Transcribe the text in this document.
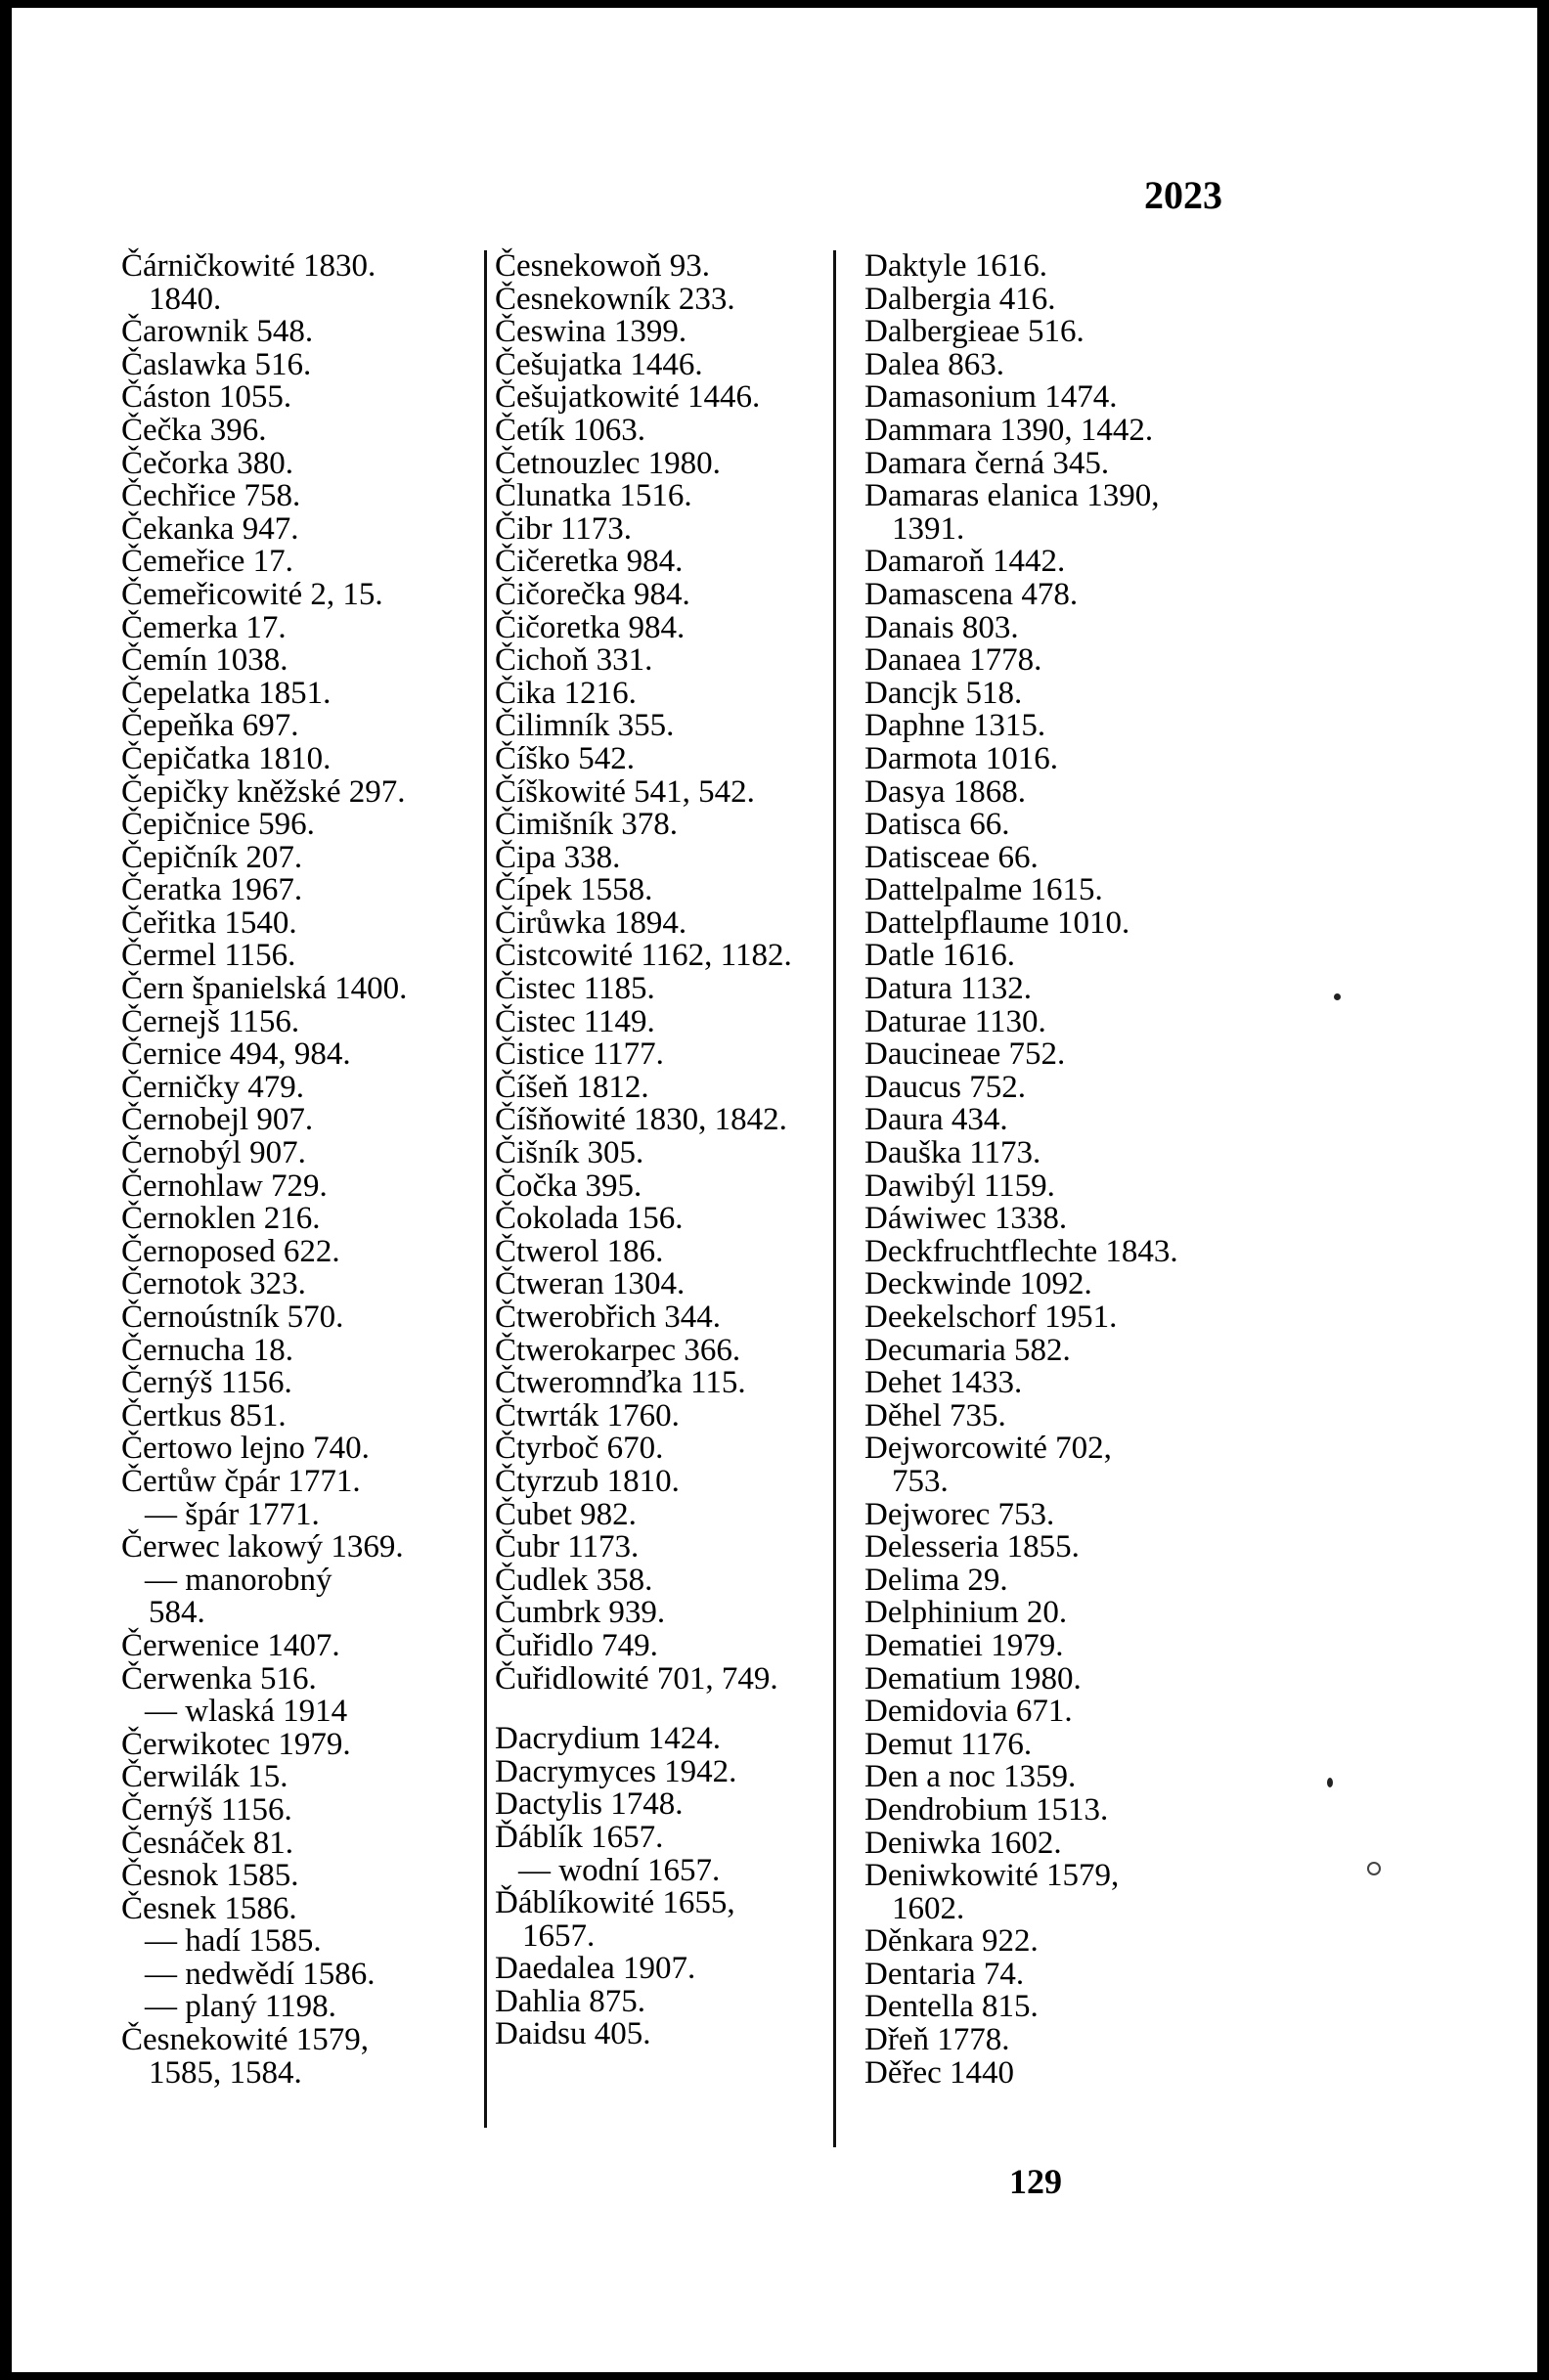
2023
Čárničkowité 1830.
1840.
Čarownik 548.
Časlawka 516.
Částon 1055.
Čečka 396.
Čečorka 380.
Čechřice 758.
Čekanka 947.
Čemeřice 17.
Čemeřicowité 2, 15.
Čemerka 17.
Čemín 1038.
Čepelatka 1851.
Čepeňka 697.
Čepičatka 1810.
Čepičky kněžské 297.
Čepičnice 596.
Čepičník 207.
Čeratka 1967.
Čeřitka 1540.
Čermel 1156.
Čern španielská 1400.
Černejš 1156.
Černice 494, 984.
Černičky 479.
Černobejl 907.
Černobýl 907.
Černohlaw 729.
Černoklen 216.
Černoposed 622.
Černotok 323.
Černoústník 570.
Černucha 18.
Černýš 1156.
Čertkus 851.
Čertowo lejno 740.
Čertůw čpár 1771.
— špár 1771.
Čerwec lakowý 1369.
— manorobný
584.
Čerwenice 1407.
Čerwenka 516.
— wlaská 1914
Čerwikotec 1979.
Čerwilák 15.
Černýš 1156.
Česnáček 81.
Česnok 1585.
Česnek 1586.
— hadí 1585.
— nedwědí 1586.
— planý 1198.
Česnekowité 1579,
1585, 1584.
Česnekowoň 93.
Česnekowník 233.
Česwina 1399.
Češujatka 1446.
Češujatkowité 1446.
Četík 1063.
Četnouzlec 1980.
Člunatka 1516.
Čibr 1173.
Čičeretka 984.
Čičorečka 984.
Čičoretka 984.
Čichoň 331.
Čika 1216.
Čilimník 355.
Číško 542.
Číškowité 541, 542.
Čimišník 378.
Čipa 338.
Čípek 1558.
Čirůwka 1894.
Čistcowité 1162, 1182.
Čistec 1185.
Čistec 1149.
Čistice 1177.
Číšeň 1812.
Číšňowité 1830, 1842.
Čišník 305.
Čočka 395.
Čokolada 156.
Čtwerol 186.
Čtweran 1304.
Čtwerobřich 344.
Čtwerokarpec 366.
Čtweromnďka 115.
Čtwrták 1760.
Čtyrboč 670.
Čtyrzub 1810.
Čubet 982.
Čubr 1173.
Čudlek 358.
Čumbrk 939.
Čuřidlo 749.
Čuřidlowité 701, 749.
Dacrydium 1424.
Dacrymyces 1942.
Dactylis 1748.
Ďáblík 1657.
— wodní 1657.
Ďáblíkowité 1655,
1657.
Daedalea 1907.
Dahlia 875.
Daidsu 405.
Daktyle 1616.
Dalbergia 416.
Dalbergieae 516.
Dalea 863.
Damasonium 1474.
Dammara 1390, 1442.
Damara černá 345.
Damaras elanica 1390,
1391.
Damaroň 1442.
Damascena 478.
Danais 803.
Danaea 1778.
Dancjk 518.
Daphne 1315.
Darmota 1016.
Dasya 1868.
Datisca 66.
Datisceae 66.
Dattelpalme 1615.
Dattelpflaume 1010.
Datle 1616.
Datura 1132.
Daturae 1130.
Daucineae 752.
Daucus 752.
Daura 434.
Dauška 1173.
Dawibýl 1159.
Dáwiwec 1338.
Deckfruchtflechte 1843.
Deckwinde 1092.
Deekelschorf 1951.
Decumaria 582.
Dehet 1433.
Děhel 735.
Dejworcowité 702,
753.
Dejworec 753.
Delesseria 1855.
Delima 29.
Delphinium 20.
Dematiei 1979.
Dematium 1980.
Demidovia 671.
Demut 1176.
Den a noc 1359.
Dendrobium 1513.
Deniwka 1602.
Deniwkowité 1579,
1602.
Děnkara 922.
Dentaria 74.
Dentella 815.
Dřeň 1778.
Děřec 1440
129
